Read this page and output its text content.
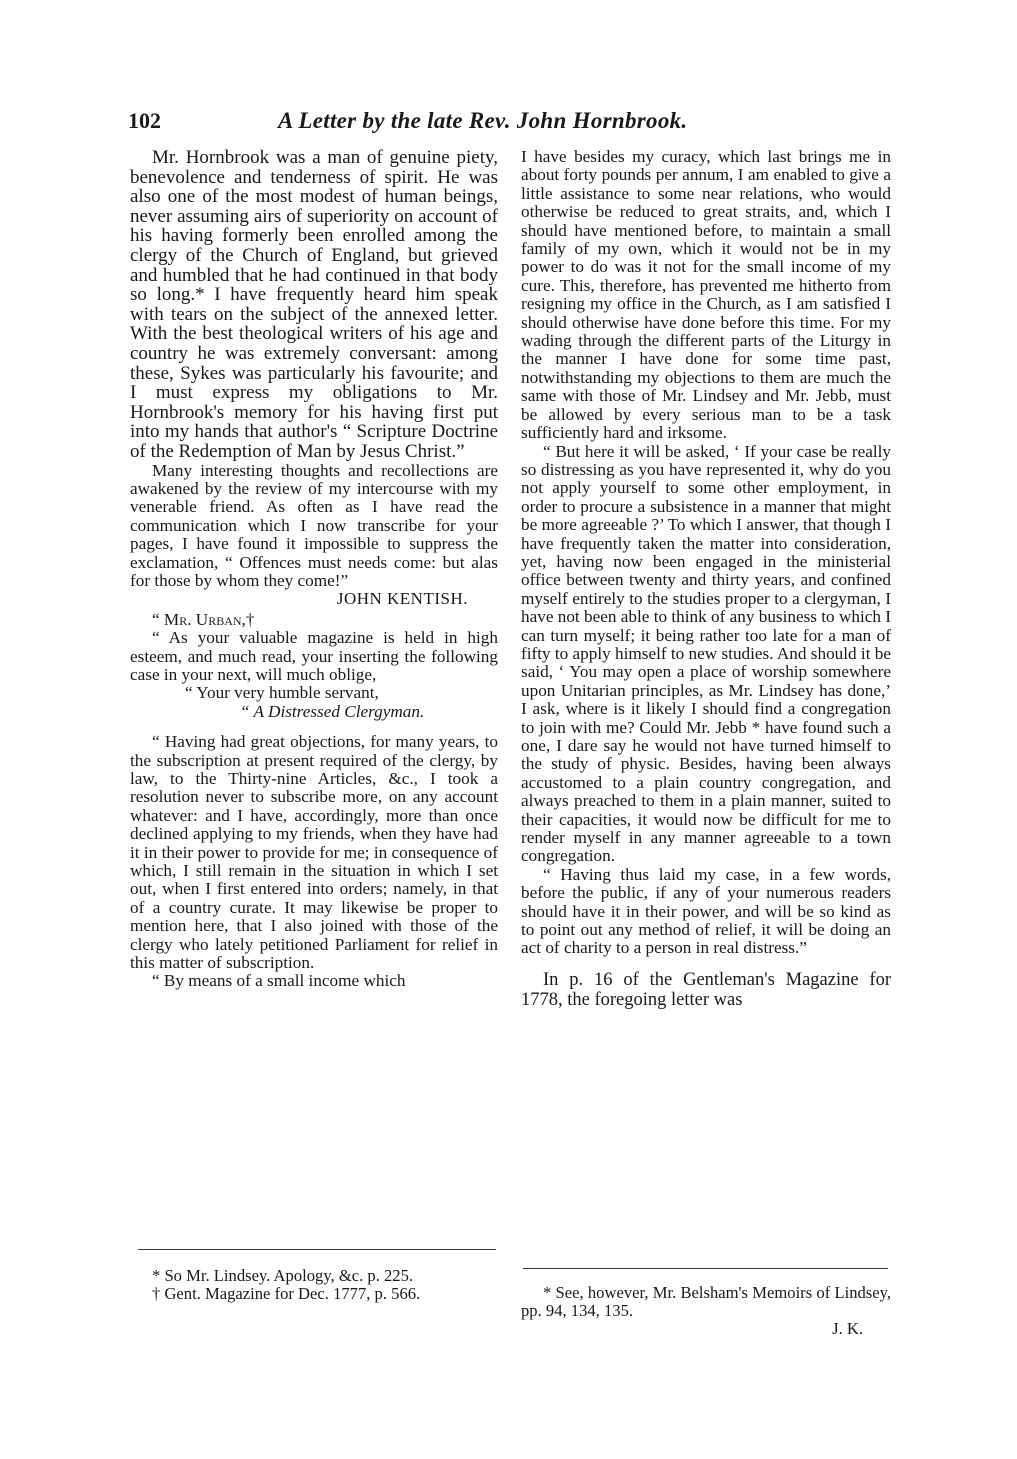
102	A Letter by the late Rev. John Hornbrook.

Mr. Hornbrook was a man of genuine piety, benevolence and tenderness of spirit. He was also one of the most modest of human beings, never assuming airs of superiority on account of his having formerly been enrolled among the clergy of the Church of England, but grieved and humbled that he had continued in that body so long.* I have frequently heard him speak with tears on the subject of the annexed letter. With the best theological writers of his age and country he was extremely conversant: among these, Sykes was particularly his favourite; and I must express my obligations to Mr. Hornbrook's memory for his having first put into my hands that author's “ Scripture Doctrine of the Redemption of Man by Jesus Christ.”

Many interesting thoughts and recollections are awakened by the review of my intercourse with my venerable friend. As often as I have read the communication which I now transcribe for your pages, I have found it impossible to suppress the exclamation, “ Offences must needs come: but alas for those by whom they come!”

JOHN KENTISH.

“ Mr. Urban,†

“ As your valuable magazine is held in high esteem, and much read, your inserting the following case in your next, will much oblige,

“ Your very humble servant,

“ A Distressed Clergyman.

“ Having had great objections, for many years, to the subscription at present required of the clergy, by law, to the Thirty-nine Articles, &c., I took a resolution never to subscribe more, on any account whatever: and I have, accordingly, more than once declined applying to my friends, when they have had it in their power to provide for me; in consequence of which, I still remain in the situation in which I set out, when I first entered into orders; namely, in that of a country curate. It may likewise be proper to mention here, that I also joined with those of the clergy who lately petitioned Parliament for relief in this matter of subscription.

“ By means of a small income which

I have besides my curacy, which last brings me in about forty pounds per annum, I am enabled to give a little assistance to some near relations, who would otherwise be reduced to great straits, and, which I should have mentioned before, to maintain a small family of my own, which it would not be in my power to do was it not for the small income of my cure. This, therefore, has prevented me hitherto from resigning my office in the Church, as I am satisfied I should otherwise have done before this time. For my wading through the different parts of the Liturgy in the manner I have done for some time past, notwithstanding my objections to them are much the same with those of Mr. Lindsey and Mr. Jebb, must be allowed by every serious man to be a task sufficiently hard and irksome.

“ But here it will be asked, ‘ If your case be really so distressing as you have represented it, why do you not apply yourself to some other employment, in order to procure a subsistence in a manner that might be more agreeable ?’ To which I answer, that though I have frequently taken the matter into consideration, yet, having now been engaged in the ministerial office between twenty and thirty years, and confined myself entirely to the studies proper to a clergyman, I have not been able to think of any business to which I can turn myself; it being rather too late for a man of fifty to apply himself to new studies. And should it be said, ‘ You may open a place of worship somewhere upon Unitarian principles, as Mr. Lindsey has done,’ I ask, where is it likely I should find a congregation to join with me? Could Mr. Jebb * have found such a one, I dare say he would not have turned himself to the study of physic. Besides, having been always accustomed to a plain country congregation, and always preached to them in a plain manner, suited to their capacities, it would now be difficult for me to render myself in any manner agreeable to a town congregation.

“ Having thus laid my case, in a few words, before the public, if any of your numerous readers should have it in their power, and will be so kind as to point out any method of relief, it will be doing an act of charity to a person in real distress.”

In p. 16 of the Gentleman's Magazine for 1778, the foregoing letter was

* So Mr. Lindsey. Apology, &c. p. 225.

† Gent. Magazine for Dec. 1777, p. 566.	* See, however, Mr. Belsham's Memoirs of Lindsey, pp. 94, 134, 135.

J. K.
